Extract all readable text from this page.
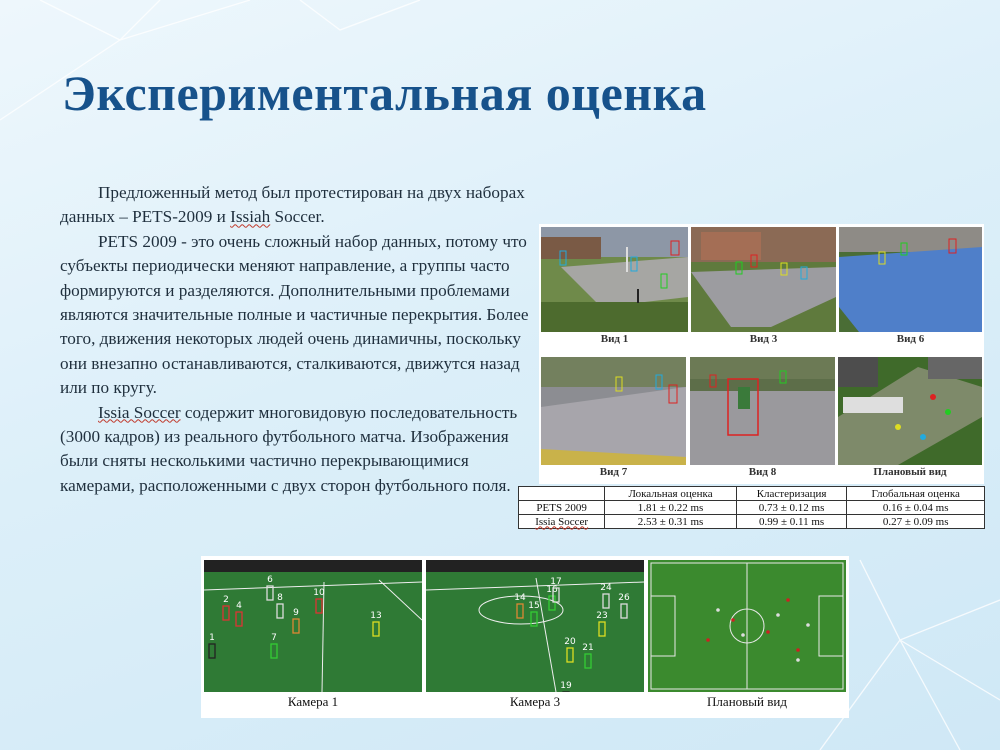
Экспериментальная оценка

Предложенный метод был протестирован на двух наборах данных – PETS-2009 и Issiah Soccer.

PETS 2009 - это очень сложный набор данных, потому что субъекты периодически меняют направление, а группы часто формируются и разделяются. Дополнительными проблемами являются значительные полные и частичные перекрытия. Более того, движения некоторых людей очень динамичны, поскольку они внезапно останавливаются, сталкиваются, движутся назад или по кругу.

Issia Soccer содержит многовидовую последовательность (3000 кадров) из реального футбольного матча. Изображения были сняты несколькими частично перекрывающимися камерами, расположенными с двух сторон футбольного поля.

Вид 1	Вид 3	Вид 6
Вид 7	Вид 8	Плановый вид
	Локальная оценка	Кластеризация	Глобальная оценка
PETS 2009	1.81 ± 0.22 ms	0.73 ± 0.12 ms	0.16 ± 0.04 ms
Issia Soccer	2.53 ± 0.31 ms	0.99 ± 0.11 ms	0.27 ± 0.09 ms
1
2
4
6
7
8
9
10
13
14
15
16
17
19
20
21
23
24
26
Камера 1	Камера 3	Плановый вид
